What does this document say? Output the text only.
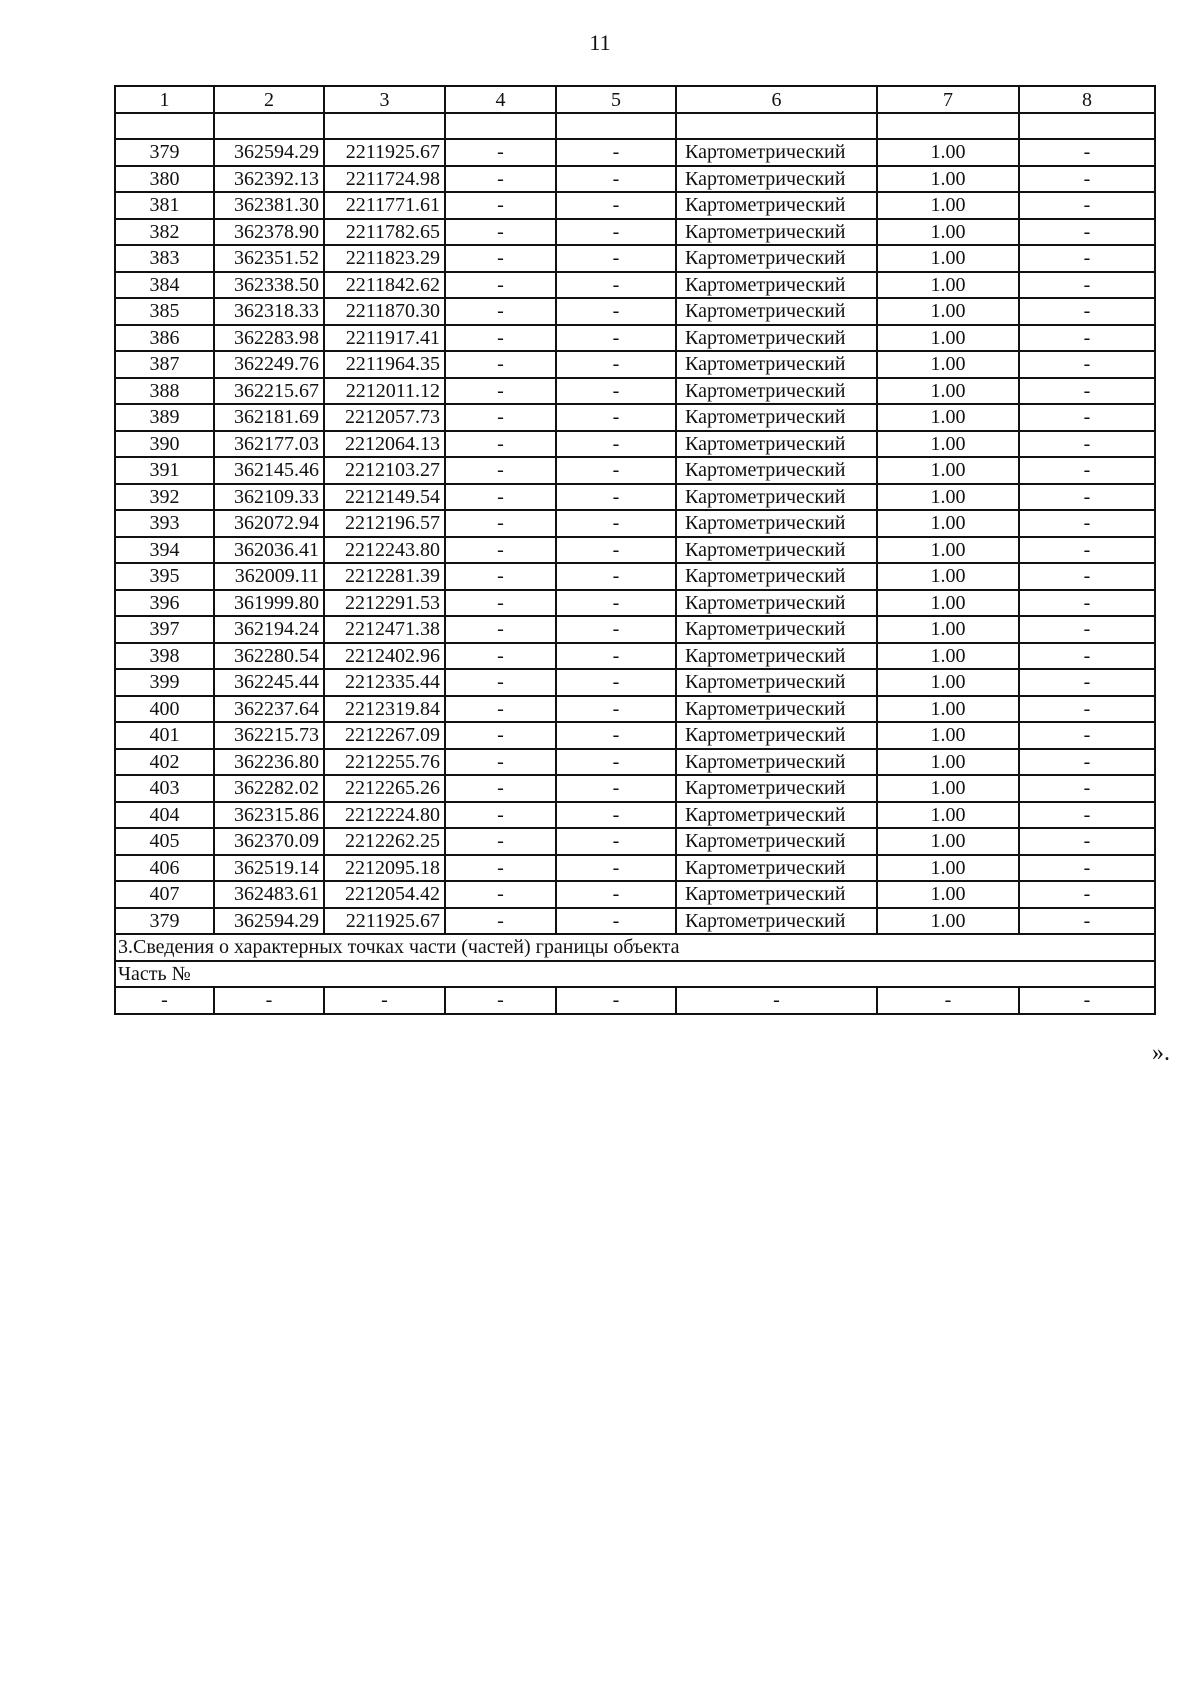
11
1	2	3	4	5	6	7	8

379	362594.29	2211925.67	-	-	Картометрический	1.00	-
380	362392.13	2211724.98	-	-	Картометрический	1.00	-
381	362381.30	2211771.61	-	-	Картометрический	1.00	-
382	362378.90	2211782.65	-	-	Картометрический	1.00	-
383	362351.52	2211823.29	-	-	Картометрический	1.00	-
384	362338.50	2211842.62	-	-	Картометрический	1.00	-
385	362318.33	2211870.30	-	-	Картометрический	1.00	-
386	362283.98	2211917.41	-	-	Картометрический	1.00	-
387	362249.76	2211964.35	-	-	Картометрический	1.00	-
388	362215.67	2212011.12	-	-	Картометрический	1.00	-
389	362181.69	2212057.73	-	-	Картометрический	1.00	-
390	362177.03	2212064.13	-	-	Картометрический	1.00	-
391	362145.46	2212103.27	-	-	Картометрический	1.00	-
392	362109.33	2212149.54	-	-	Картометрический	1.00	-
393	362072.94	2212196.57	-	-	Картометрический	1.00	-
394	362036.41	2212243.80	-	-	Картометрический	1.00	-
395	362009.11	2212281.39	-	-	Картометрический	1.00	-
396	361999.80	2212291.53	-	-	Картометрический	1.00	-
397	362194.24	2212471.38	-	-	Картометрический	1.00	-
398	362280.54	2212402.96	-	-	Картометрический	1.00	-
399	362245.44	2212335.44	-	-	Картометрический	1.00	-
400	362237.64	2212319.84	-	-	Картометрический	1.00	-
401	362215.73	2212267.09	-	-	Картометрический	1.00	-
402	362236.80	2212255.76	-	-	Картометрический	1.00	-
403	362282.02	2212265.26	-	-	Картометрический	1.00	-
404	362315.86	2212224.80	-	-	Картометрический	1.00	-
405	362370.09	2212262.25	-	-	Картометрический	1.00	-
406	362519.14	2212095.18	-	-	Картометрический	1.00	-
407	362483.61	2212054.42	-	-	Картометрический	1.00	-
379	362594.29	2211925.67	-	-	Картометрический	1.00	-
3.Сведения о характерных точках части (частей) границы объекта							
Часть №							
-	-	-	-	-	-	-	-
».
